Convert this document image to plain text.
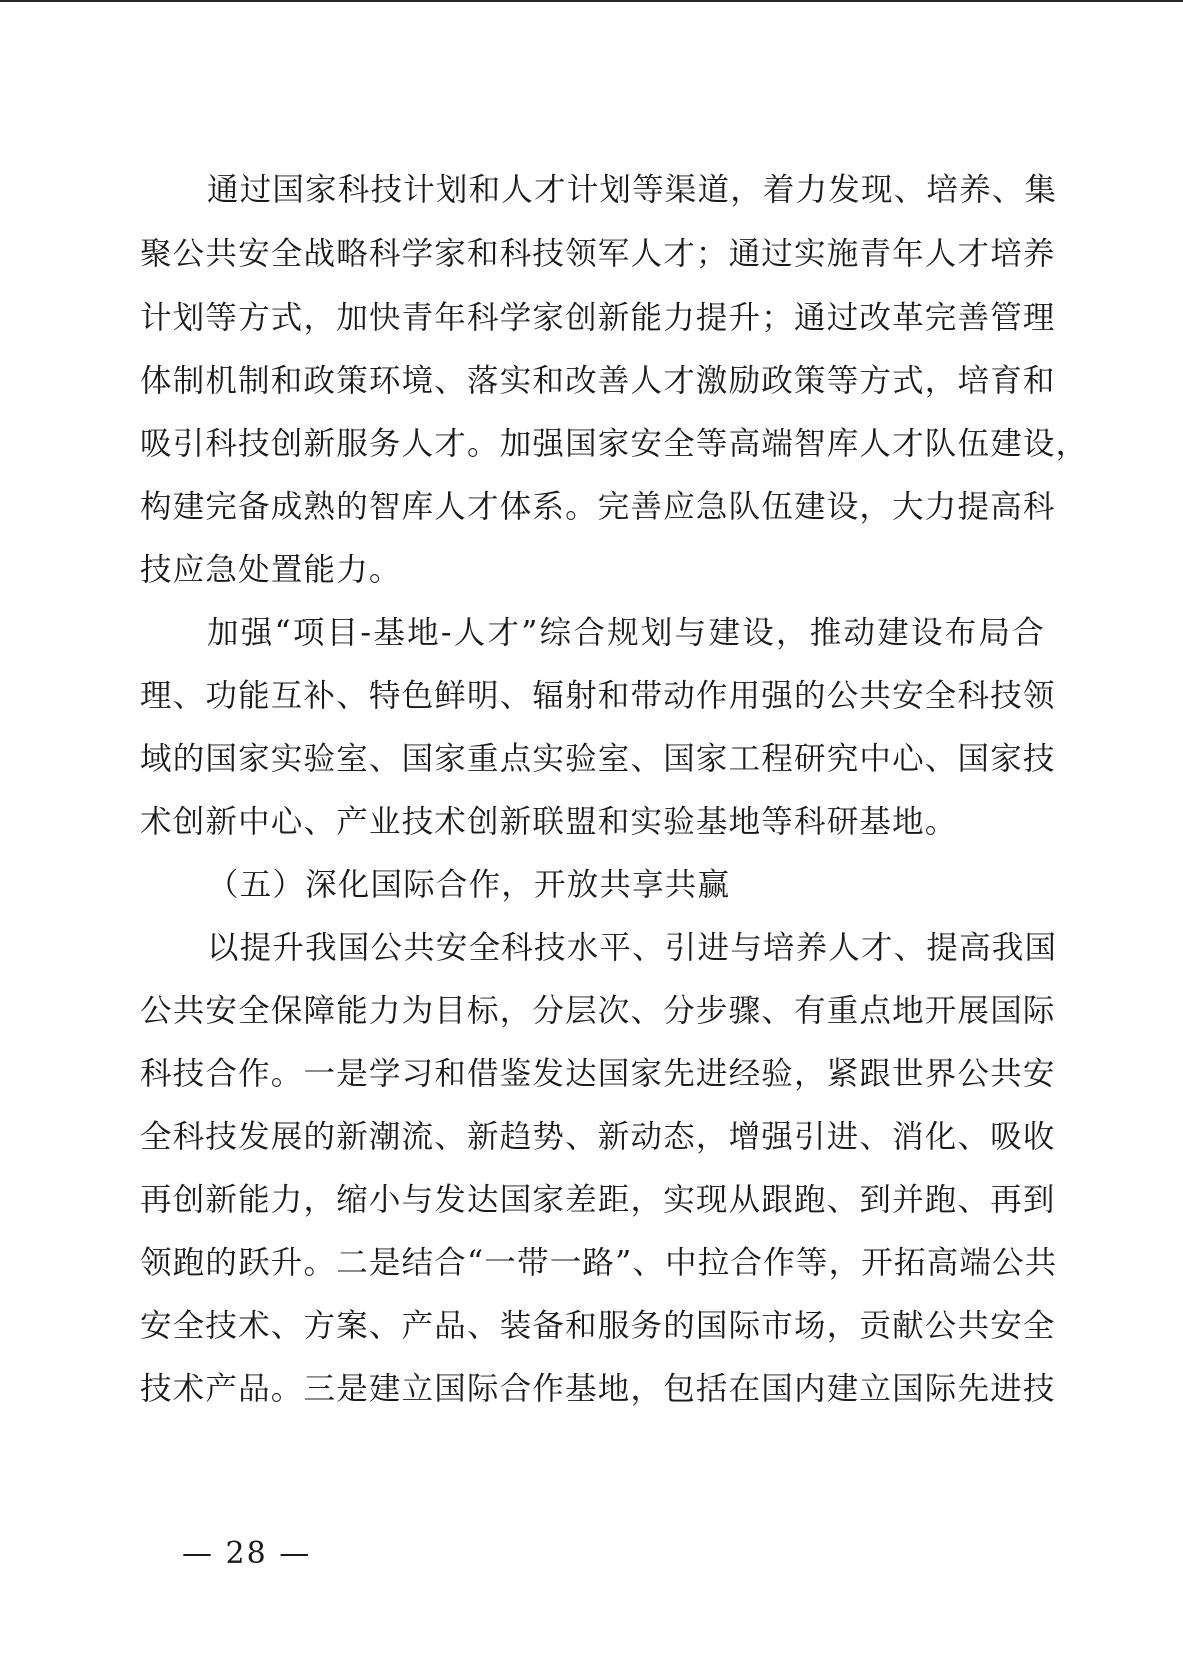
通过国家科技计划和人才计划等渠道，着力发现、培养、集
聚公共安全战略科学家和科技领军人才；通过实施青年人才培养
计划等方式，加快青年科学家创新能力提升；通过改革完善管理
体制机制和政策环境、落实和改善人才激励政策等方式，培育和
吸引科技创新服务人才。加强国家安全等高端智库人才队伍建设，
构建完备成熟的智库人才体系。完善应急队伍建设，大力提高科
技应急处置能力。
加强“项目-基地-人才”综合规划与建设，推动建设布局合
理、功能互补、特色鲜明、辐射和带动作用强的公共安全科技领
域的国家实验室、国家重点实验室、国家工程研究中心、国家技
术创新中心、产业技术创新联盟和实验基地等科研基地。
（五）深化国际合作，开放共享共赢
以提升我国公共安全科技水平、引进与培养人才、提高我国
公共安全保障能力为目标，分层次、分步骤、有重点地开展国际
科技合作。一是学习和借鉴发达国家先进经验，紧跟世界公共安
全科技发展的新潮流、新趋势、新动态，增强引进、消化、吸收
再创新能力，缩小与发达国家差距，实现从跟跑、到并跑、再到
领跑的跃升。二是结合“一带一路”、中拉合作等，开拓高端公共
安全技术、方案、产品、装备和服务的国际市场，贡献公共安全
技术产品。三是建立国际合作基地，包括在国内建立国际先进技
— 28 —
